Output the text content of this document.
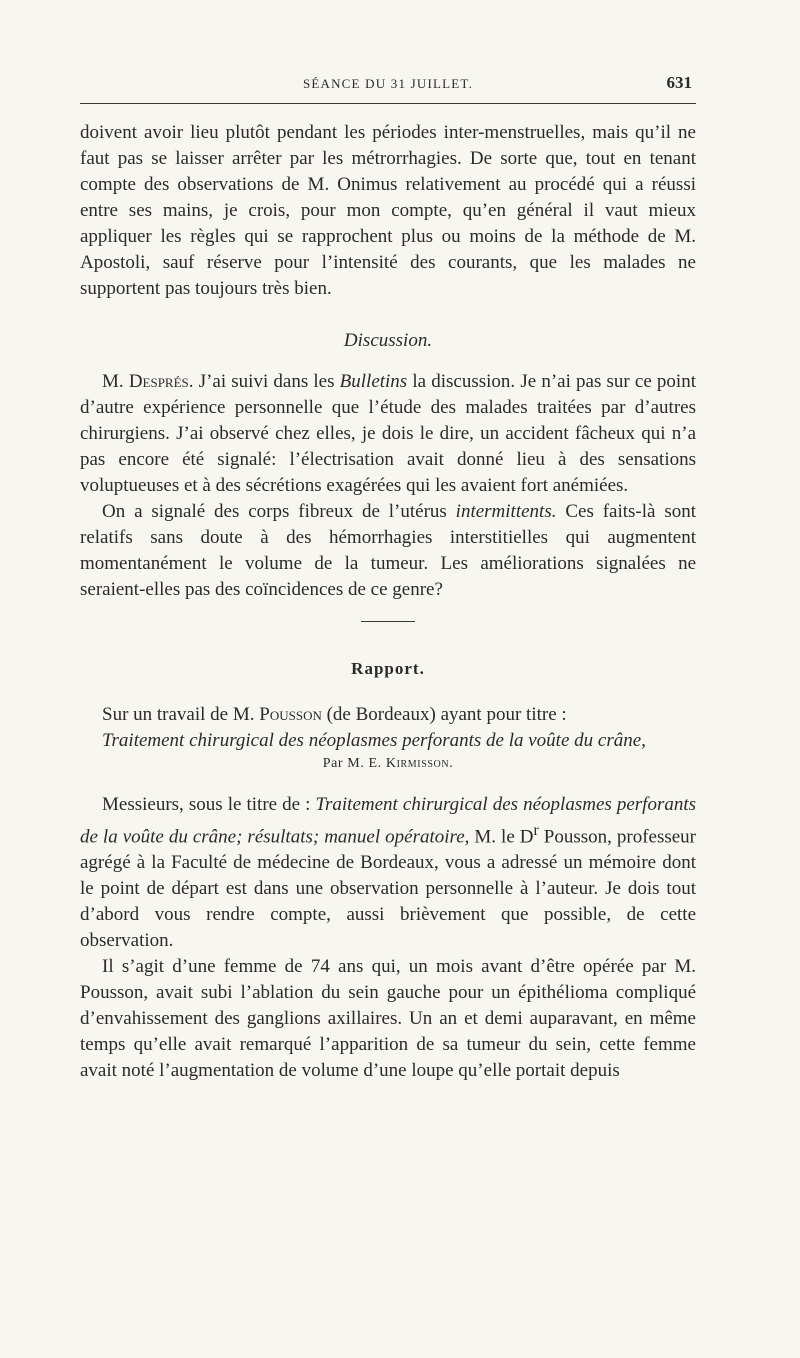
SÉANCE DU 31 JUILLET.	631

doivent avoir lieu plutôt pendant les périodes inter-menstruelles, mais qu’il ne faut pas se laisser arrêter par les métrorrhagies. De sorte que, tout en tenant compte des observations de M. Onimus relativement au procédé qui a réussi entre ses mains, je crois, pour mon compte, qu’en général il vaut mieux appliquer les règles qui se rapprochent plus ou moins de la méthode de M. Apostoli, sauf réserve pour l’intensité des courants, que les malades ne supportent pas toujours très bien.

Discussion.

M. Després. J’ai suivi dans les Bulletins la discussion. Je n’ai pas sur ce point d’autre expérience personnelle que l’étude des malades traitées par d’autres chirurgiens. J’ai observé chez elles, je dois le dire, un accident fâcheux qui n’a pas encore été signalé: l’électrisation avait donné lieu à des sensations voluptueuses et à des sécrétions exagérées qui les avaient fort anémiées.

On a signalé des corps fibreux de l’utérus intermittents. Ces faits-là sont relatifs sans doute à des hémorrhagies interstitielles qui augmentent momentanément le volume de la tumeur. Les améliorations signalées ne seraient-elles pas des coïncidences de ce genre?

Rapport.

Sur un travail de M. Pousson (de Bordeaux) ayant pour titre :

Traitement chirurgical des néoplasmes perforants de la voûte du crâne,

Par M. E. Kirmisson.

Messieurs, sous le titre de : Traitement chirurgical des néoplasmes perforants de la voûte du crâne; résultats; manuel opératoire, M. le $D^r$ Pousson, professeur agrégé à la Faculté de médecine de Bordeaux, vous a adressé un mémoire dont le point de départ est dans une observation personnelle à l’auteur. Je dois tout d’abord vous rendre compte, aussi brièvement que possible, de cette observation.

Il s’agit d’une femme de 74 ans qui, un mois avant d’être opérée par M. Pousson, avait subi l’ablation du sein gauche pour un épithélioma compliqué d’envahissement des ganglions axillaires. Un an et demi auparavant, en même temps qu’elle avait remarqué l’apparition de sa tumeur du sein, cette femme avait noté l’augmentation de volume d’une loupe qu’elle portait depuis
